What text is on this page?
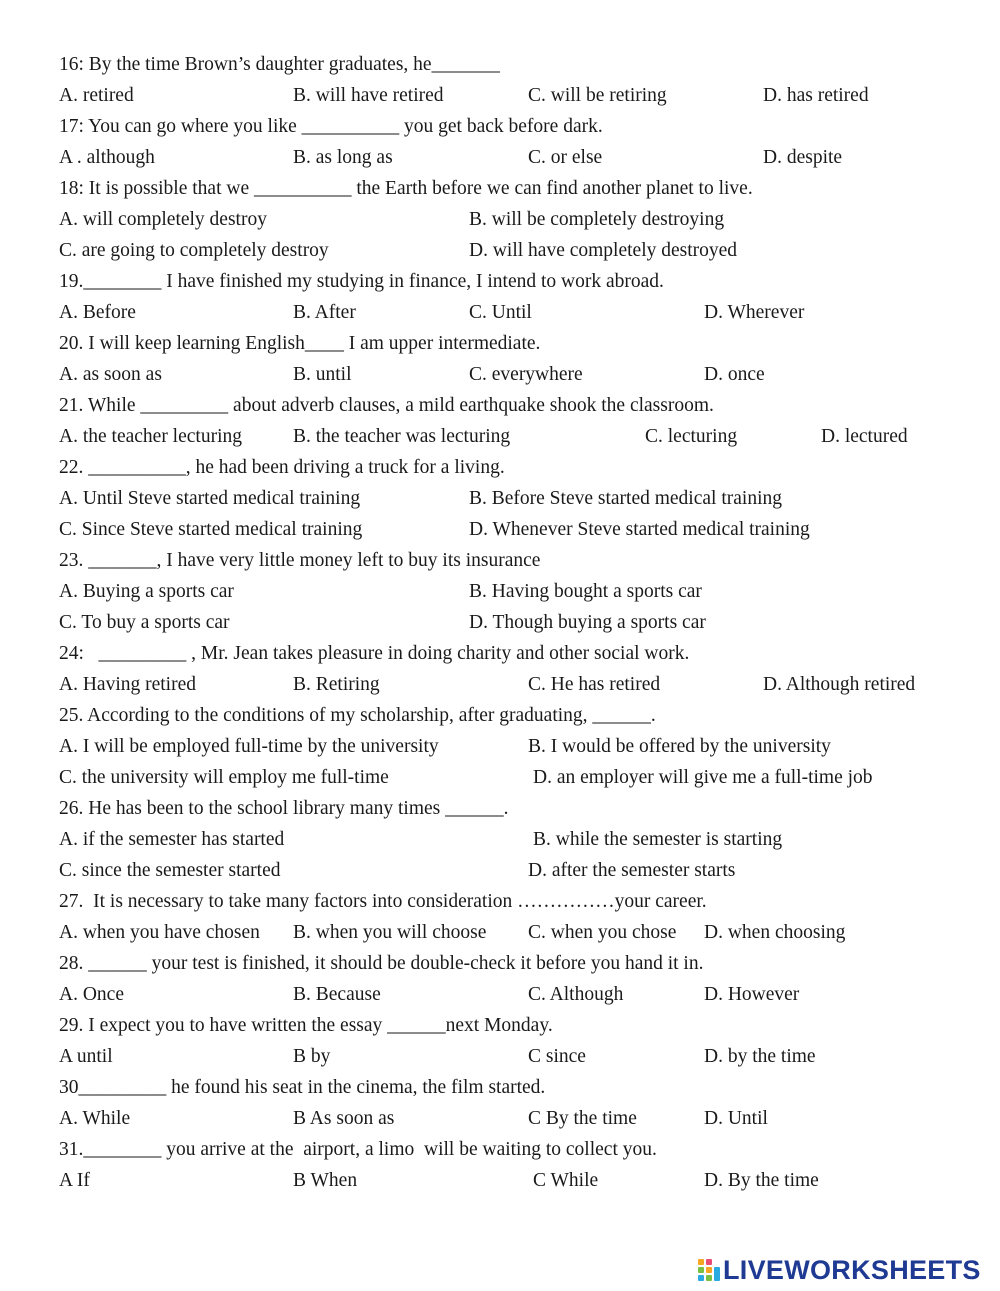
16: By the time Brown’s daughter graduates, he_______
A. retired	B. will have retired	C. will be retiring	D. has retired
17: You can go where you like __________ you get back before dark.
A . although	B. as long as	C. or else	D. despite
18: It is possible that we __________ the Earth before we can find another planet to live.
A. will completely destroy	B. will be completely destroying
C. are going to completely destroy	D. will have completely destroyed
19.________ I have finished my studying in finance, I intend to work abroad.
A. Before	B. After	C. Until	D. Wherever
20. I will keep learning English____ I am upper intermediate.
A. as soon as	B. until	C. everywhere	D. once
21. While _________ about adverb clauses, a mild earthquake shook the classroom.
A. the teacher lecturing	B. the teacher was lecturing	C. lecturing	D. lectured
22. __________, he had been driving a truck for a living.
A. Until Steve started medical training	B. Before Steve started medical training
C. Since Steve started medical training	D. Whenever Steve started medical training
23. _______, I have very little money left to buy its insurance
A. Buying a sports car	B. Having bought a sports car
C. To buy a sports car	D. Though buying a sports car
24:   _________ , Mr. Jean takes pleasure in doing charity and other social work.
A. Having retired	B. Retiring	C. He has retired	D. Although retired
25. According to the conditions of my scholarship, after graduating, ______.
A. I will be employed full-time by the university	B. I would be offered by the university
C. the university will employ me full-time	D. an employer will give me a full-time job
26. He has been to the school library many times ______.
A. if the semester has started	B. while the semester is starting
C. since the semester started	D. after the semester starts
27.  It is necessary to take many factors into consideration ……………your career.
A. when you have chosen B. when you will choose C. when you chose D. when choosing
28. ______ your test is finished, it should be double-check it before you hand it in.
A. Once	B. Because	C. Although	D. However
29. I expect you to have written the essay ______next Monday.
A until	B by	C since	D. by the time
30_________ he found his seat in the cinema, the film started.
A. While	B As soon as	C By the time	D. Until
31.________ you arrive at the  airport, a limo  will be waiting to collect you.
A If	B When	C While	D. By the time
LIVEWORKSHEETS
